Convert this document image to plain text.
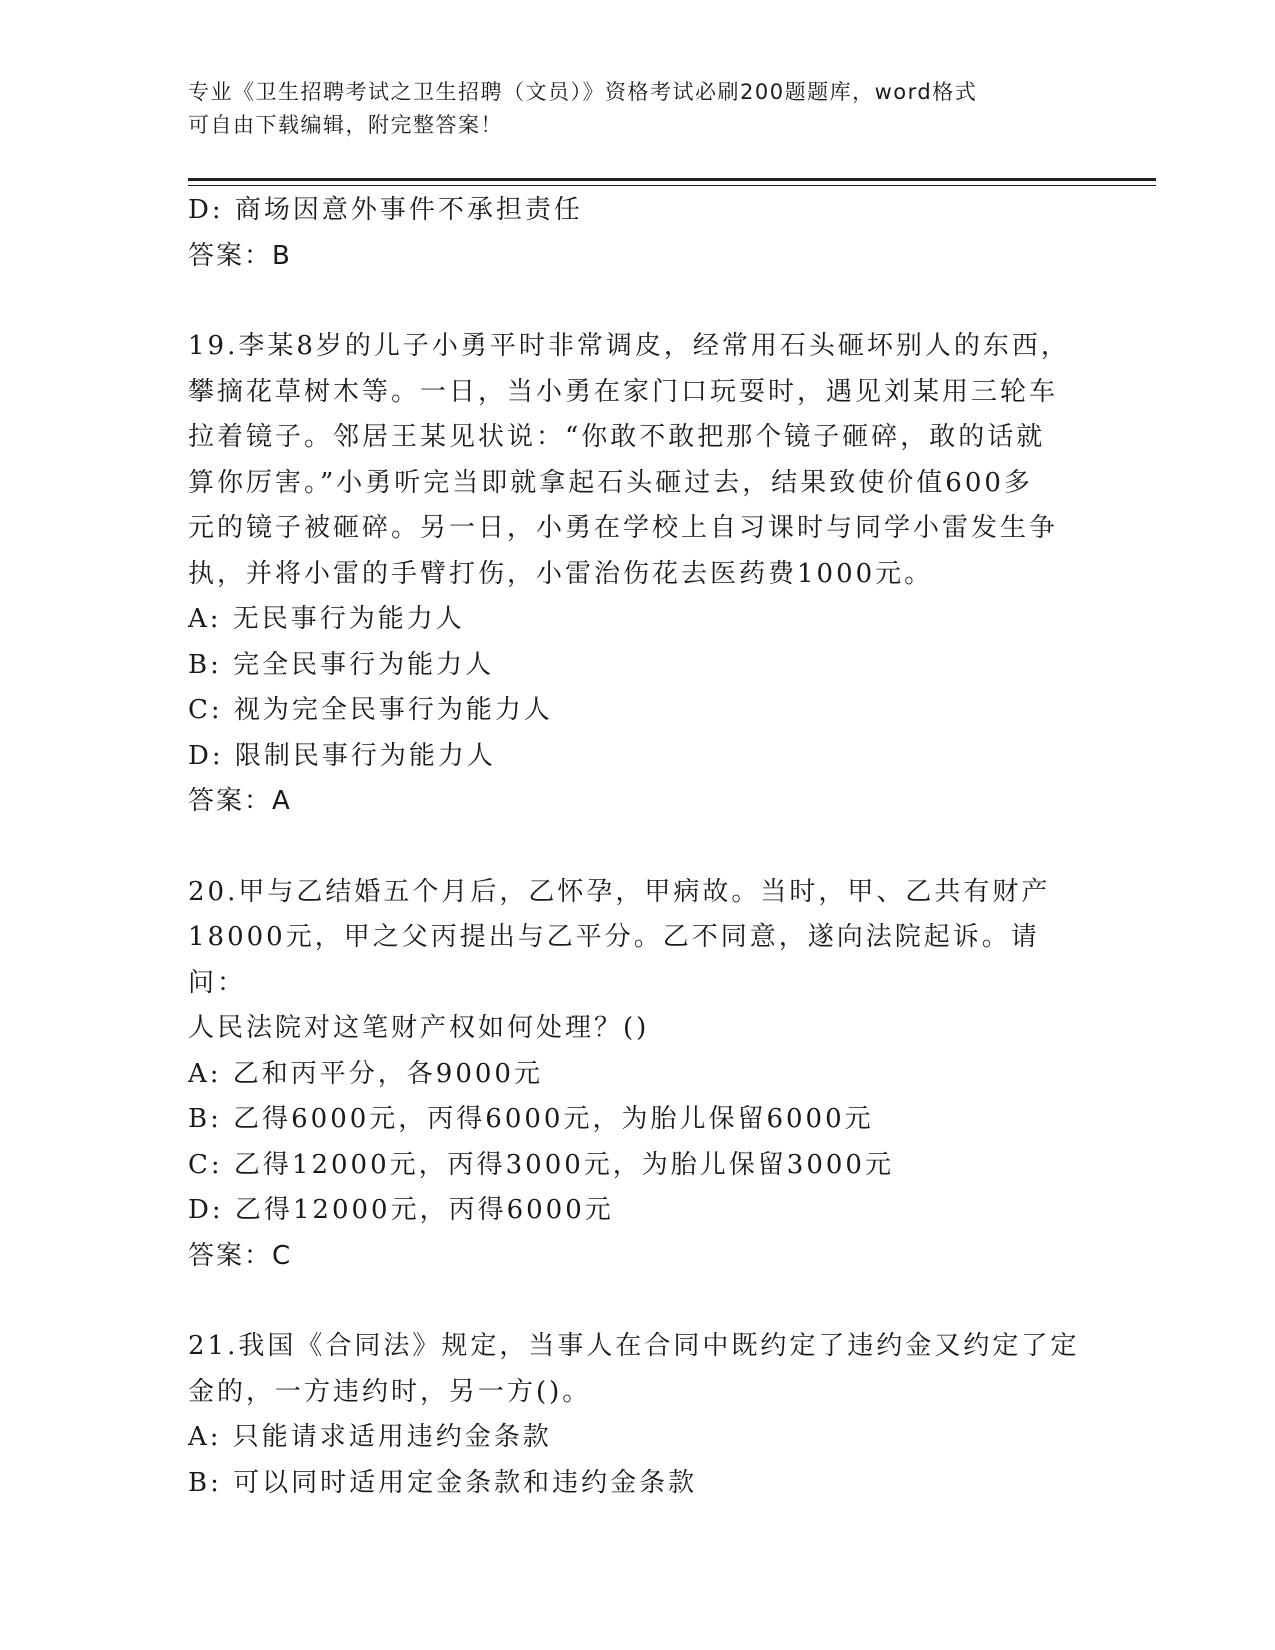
专业《卫生招聘考试之卫生招聘（文员）》资格考试必刷200题题库，word格式
可自由下载编辑，附完整答案！
D: 商场因意外事件不承担责任
答案：B
19.李某8岁的儿子小勇平时非常调皮，经常用石头砸坏别人的东西，
攀摘花草树木等。一日，当小勇在家门口玩耍时，遇见刘某用三轮车
拉着镜子。邻居王某见状说：“你敢不敢把那个镜子砸碎，敢的话就
算你厉害。”小勇听完当即就拿起石头砸过去，结果致使价值600多
元的镜子被砸碎。另一日，小勇在学校上自习课时与同学小雷发生争
执，并将小雷的手臂打伤，小雷治伤花去医药费1000元。
A: 无民事行为能力人
B: 完全民事行为能力人
C: 视为完全民事行为能力人
D: 限制民事行为能力人
答案：A
20.甲与乙结婚五个月后，乙怀孕，甲病故。当时，甲、乙共有财产
18000元，甲之父丙提出与乙平分。乙不同意，遂向法院起诉。请问：
人民法院对这笔财产权如何处理？()
A: 乙和丙平分，各9000元
B: 乙得6000元，丙得6000元，为胎儿保留6000元
C: 乙得12000元，丙得3000元，为胎儿保留3000元
D: 乙得12000元，丙得6000元
答案：C
21.我国《合同法》规定，当事人在合同中既约定了违约金又约定了定
金的，一方违约时，另一方()。
A: 只能请求适用违约金条款
B: 可以同时适用定金条款和违约金条款
